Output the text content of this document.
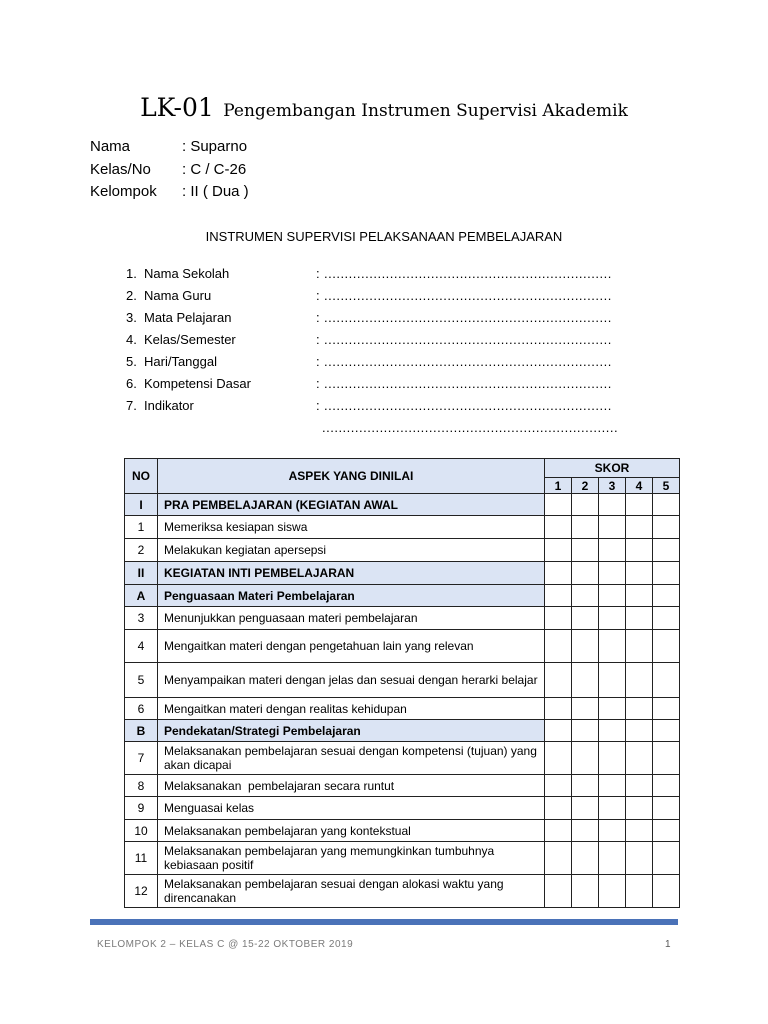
LK-01 Pengembangan Instrumen Supervisi Akademik
Nama	: Suparno
Kelas/No	: C / C-26
Kelompok	: II ( Dua )
INSTRUMEN SUPERVISI PELAKSANAAN PEMBELAJARAN
1. Nama Sekolah	: ......................................................................
2. Nama Guru	: ......................................................................
3. Mata Pelajaran	: ......................................................................
4. Kelas/Semester	: ......................................................................
5. Hari/Tanggal	: ......................................................................
6. Kompetensi Dasar	: ......................................................................
7. Indikator	: ......................................................................
........................................................................
NO	ASPEK YANG DINILAI	SKOR				
		1	2	3	4	5
I	PRA PEMBELAJARAN (KEGIATAN AWAL					
1	Memeriksa kesiapan siswa					
2	Melakukan kegiatan apersepsi					
II	KEGIATAN INTI PEMBELAJARAN					
A	Penguasaan Materi Pembelajaran					
3	Menunjukkan penguasaan materi pembelajaran					
4	Mengaitkan materi dengan pengetahuan lain yang relevan					
5	Menyampaikan materi dengan jelas dan sesuai dengan herarki belajar					
6	Mengaitkan materi dengan realitas kehidupan					
B	Pendekatan/Strategi Pembelajaran					
7	Melaksanakan pembelajaran sesuai dengan kompetensi (tujuan) yang akan dicapai					
8	Melaksanakan  pembelajaran secara runtut					
9	Menguasai kelas					
10	Melaksanakan pembelajaran yang kontekstual					
11	Melaksanakan pembelajaran yang memungkinkan tumbuhnya kebiasaan positif					
12	Melaksanakan pembelajaran sesuai dengan alokasi waktu yang direncanakan					
KELOMPOK 2 – KELAS C @ 15-22 OKTOBER 2019	1
